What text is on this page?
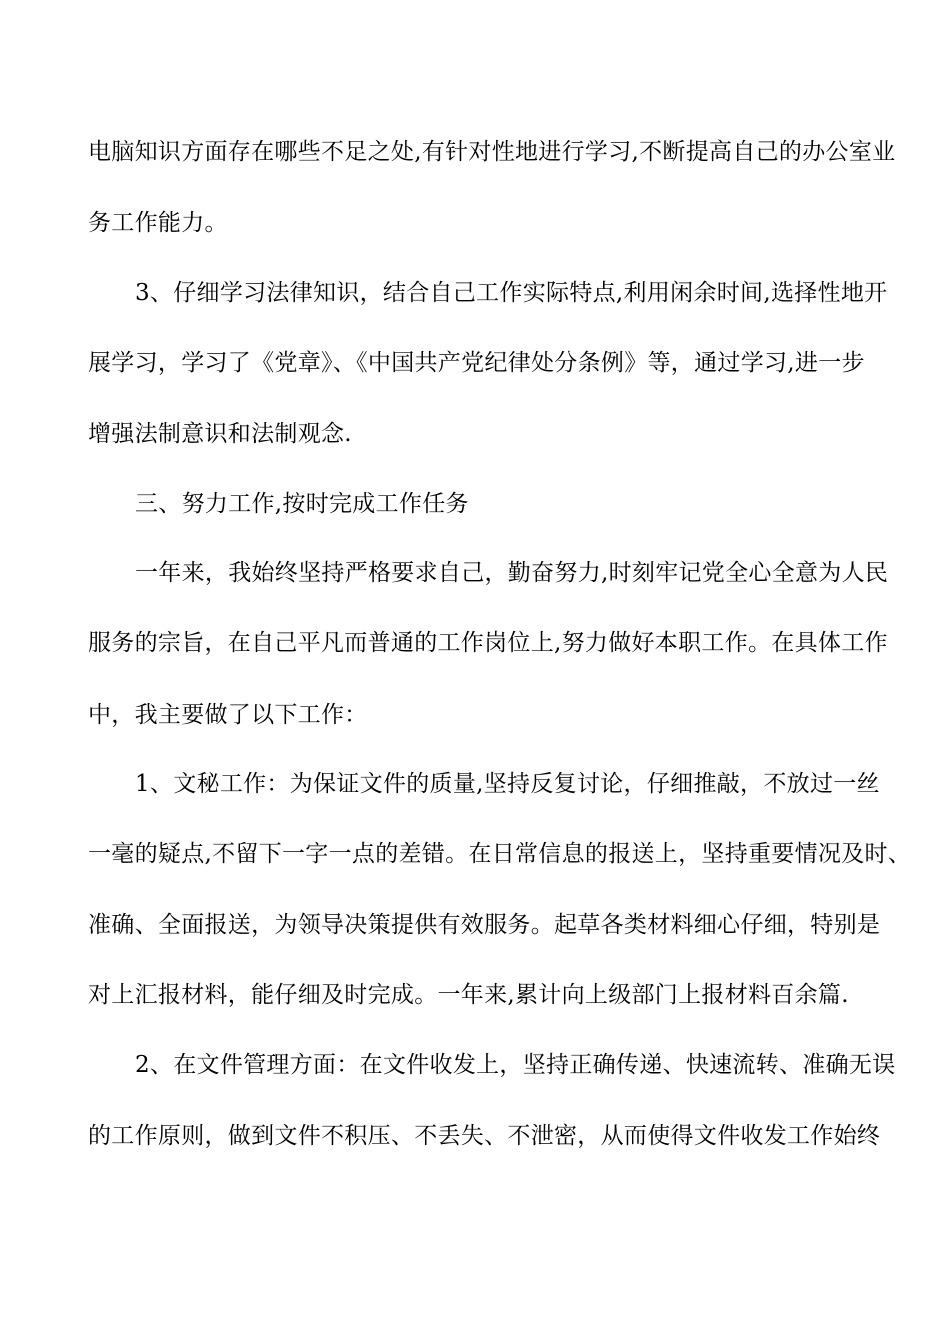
电脑知识方面存在哪些不足之处,有针对性地进行学习,不断提高自己的办公室业
务工作能力。
3、仔细学习法律知识，结合自己工作实际特点,利用闲余时间,选择性地开
展学习，学习了《党章》、《中国共产党纪律处分条例》等，通过学习,进一步
增强法制意识和法制观念.
三、努力工作,按时完成工作任务
一年来，我始终坚持严格要求自己，勤奋努力,时刻牢记党全心全意为人民
服务的宗旨，在自己平凡而普通的工作岗位上,努力做好本职工作。在具体工作
中，我主要做了以下工作：
1、文秘工作：为保证文件的质量,坚持反复讨论，仔细推敲，不放过一丝
一毫的疑点,不留下一字一点的差错。在日常信息的报送上，坚持重要情况及时、
准确、全面报送，为领导决策提供有效服务。起草各类材料细心仔细，特别是
对上汇报材料，能仔细及时完成。一年来,累计向上级部门上报材料百余篇.
2、在文件管理方面：在文件收发上，坚持正确传递、快速流转、准确无误
的工作原则，做到文件不积压、不丢失、不泄密，从而使得文件收发工作始终
